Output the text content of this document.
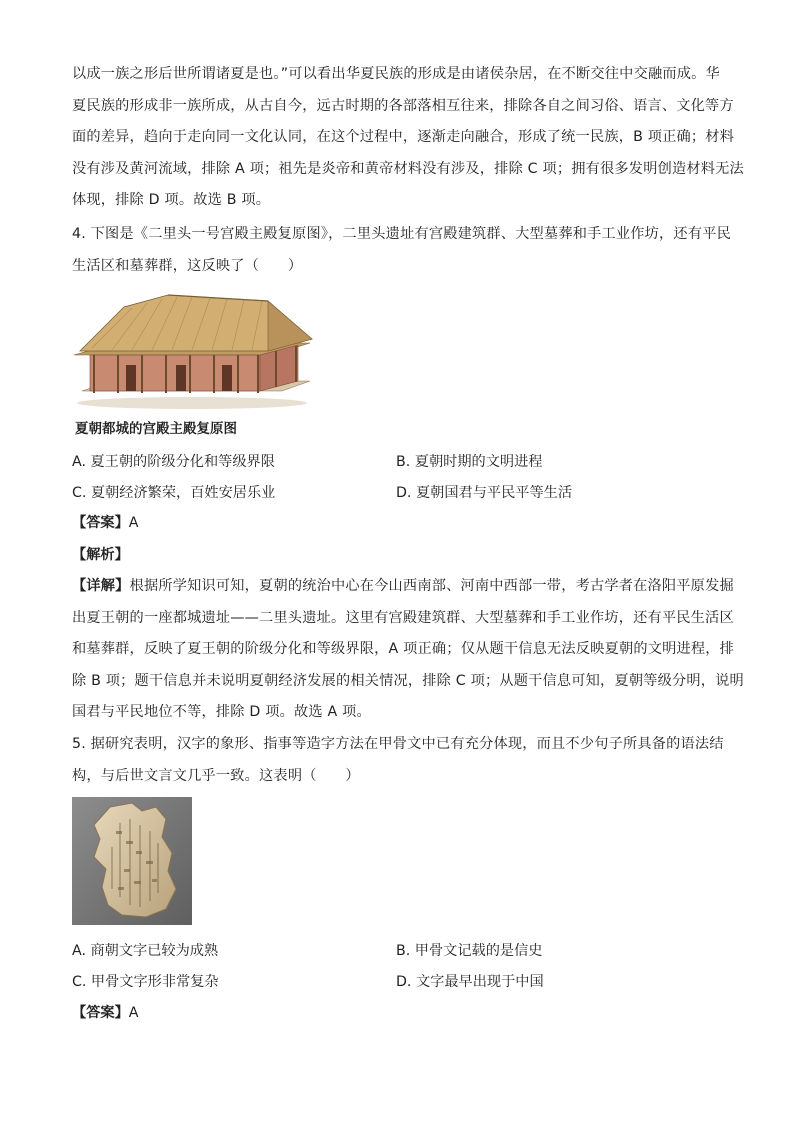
以成一族之形后世所谓诸夏是也。”可以看出华夏民族的形成是由诸侯杂居，在不断交往中交融而成。华
夏民族的形成非一族所成，从古自今，远古时期的各部落相互往来，排除各自之间习俗、语言、文化等方
面的差异，趋向于走向同一文化认同，在这个过程中，逐渐走向融合，形成了统一民族，B 项正确；材料
没有涉及黄河流域，排除 A 项；祖先是炎帝和黄帝材料没有涉及，排除 C 项；拥有很多发明创造材料无法
体现，排除 D 项。故选 B 项。
4. 下图是《二里头一号宫殿主殿复原图》，二里头遗址有宫殿建筑群、大型墓葬和手工业作坊，还有平民
生活区和墓葬群，这反映了（　　）
夏朝都城的宫殿主殿复原图
A. 夏王朝的阶级分化和等级界限	B. 夏朝时期的文明进程
C. 夏朝经济繁荣，百姓安居乐业	D. 夏朝国君与平民平等生活
【答案】A
【解析】
【详解】根据所学知识可知，夏朝的统治中心在今山西南部、河南中西部一带，考古学者在洛阳平原发掘
出夏王朝的一座都城遗址——二里头遗址。这里有宫殿建筑群、大型墓葬和手工业作坊，还有平民生活区
和墓葬群，反映了夏王朝的阶级分化和等级界限，A 项正确；仅从题干信息无法反映夏朝的文明进程，排
除 B 项；题干信息并未说明夏朝经济发展的相关情况，排除 C 项；从题干信息可知，夏朝等级分明，说明
国君与平民地位不等，排除 D 项。故选 A 项。
5. 据研究表明，汉字的象形、指事等造字方法在甲骨文中已有充分体现，而且不少句子所具备的语法结
构，与后世文言文几乎一致。这表明（　　）
A. 商朝文字已较为成熟	B. 甲骨文记载的是信史
C. 甲骨文字形非常复杂	D. 文字最早出现于中国
【答案】A
